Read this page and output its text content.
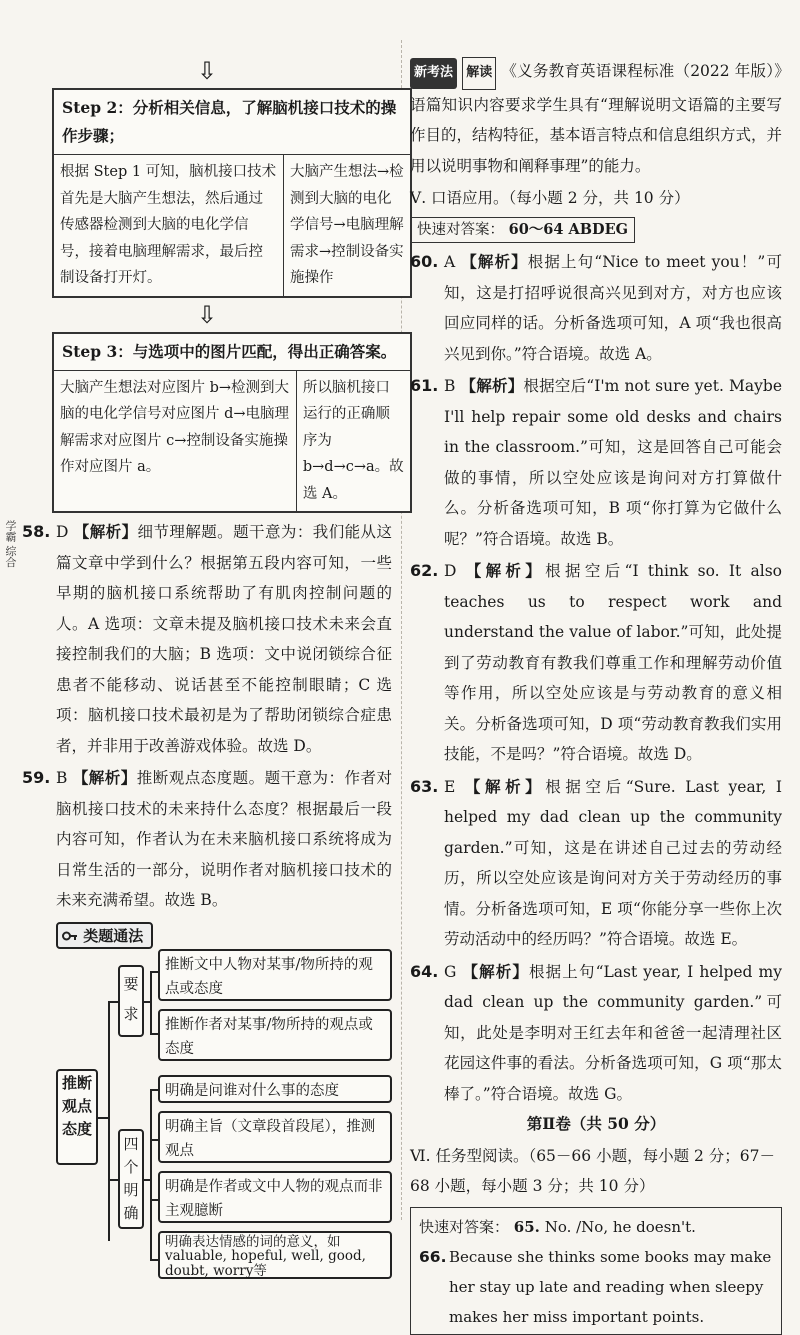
学霸 综合
⇩
Step 2：分析相关信息，了解脑机接口技术的操作步骤；
根据 Step 1 可知，脑机接口技术首先是大脑产生想法，然后通过传感器检测到大脑的电化学信号，接着电脑理解需求，最后控制设备打开灯。
大脑产生想法→检测到大脑的电化学信号→电脑理解需求→控制设备实施操作
⇩
Step 3：与选项中的图片匹配，得出正确答案。
大脑产生想法对应图片 b→检测到大脑的电化学信号对应图片 d→电脑理解需求对应图片 c→控制设备实施操作对应图片 a。
所以脑机接口运行的正确顺序为 b→d→c→a。故选 A。
58. D 【解析】细节理解题。题干意为：我们能从这篇文章中学到什么？根据第五段内容可知，一些早期的脑机接口系统帮助了有肌肉控制问题的人。A 选项：文章未提及脑机接口技术未来会直接控制我们的大脑；B 选项：文中说闭锁综合征患者不能移动、说话甚至不能控制眼睛；C 选项：脑机接口技术最初是为了帮助闭锁综合症患者，并非用于改善游戏体验。故选 D。
59. B 【解析】推断观点态度题。题干意为：作者对脑机接口技术的未来持什么态度？根据最后一段内容可知，作者认为在未来脑机接口系统将成为日常生活的一部分，说明作者对脑机接口技术的未来充满希望。故选 B。
类题通法
推断观点态度
要求
推断文中人物对某事/物所持的观点或态度
推断作者对某事/物所持的观点或态度
四个明确
明确是问谁对什么事的态度
明确主旨（文章段首段尾），推测观点
明确是作者或文中人物的观点而非主观臆断
明确表达情感的词的意义，如valuable, hopeful, well, good, doubt, worry等
新考法 解读 《义务教育英语课程标准（2022 年版）》语篇知识内容要求学生具有“理解说明文语篇的主要写作目的，结构特征，基本语言特点和信息组织方式，并用以说明事物和阐释事理”的能力。
Ⅴ. 口语应用。（每小题 2 分，共 10 分）
快速对答案： 60～64 ABDEG
60. A 【解析】根据上句“Nice to meet you！”可知，这是打招呼说很高兴见到对方，对方也应该回应同样的话。分析备选项可知，A 项“我也很高兴见到你。”符合语境。故选 A。
61. B 【解析】根据空后“I'm not sure yet. Maybe I'll help repair some old desks and chairs in the classroom.”可知，这是回答自己可能会做的事情，所以空处应该是询问对方打算做什么。分析备选项可知，B 项“你打算为它做什么呢？”符合语境。故选 B。
62. D 【解析】根据空后“I think so. It also teaches us to respect work and understand the value of labor.”可知，此处提到了劳动教育有教我们尊重工作和理解劳动价值等作用，所以空处应该是与劳动教育的意义相关。分析备选项可知，D 项“劳动教育教我们实用技能，不是吗？”符合语境。故选 D。
63. E 【解析】根据空后“Sure. Last year, I helped my dad clean up the community garden.”可知，这是在讲述自己过去的劳动经历，所以空处应该是询问对方关于劳动经历的事情。分析备选项可知，E 项“你能分享一些你上次劳动活动中的经历吗？”符合语境。故选 E。
64. G 【解析】根据上句“Last year, I helped my dad clean up the community garden.”可知，此处是李明对王红去年和爸爸一起清理社区花园这件事的看法。分析备选项可知，G 项“那太棒了。”符合语境。故选 G。
第Ⅱ卷（共 50 分）
Ⅵ. 任务型阅读。（65－66 小题，每小题 2 分；67－68 小题，每小题 3 分；共 10 分）
快速对答案： 65. No. /No, he doesn't.
66. Because she thinks some books may make her stay up late and reading when sleepy makes her miss important points.
